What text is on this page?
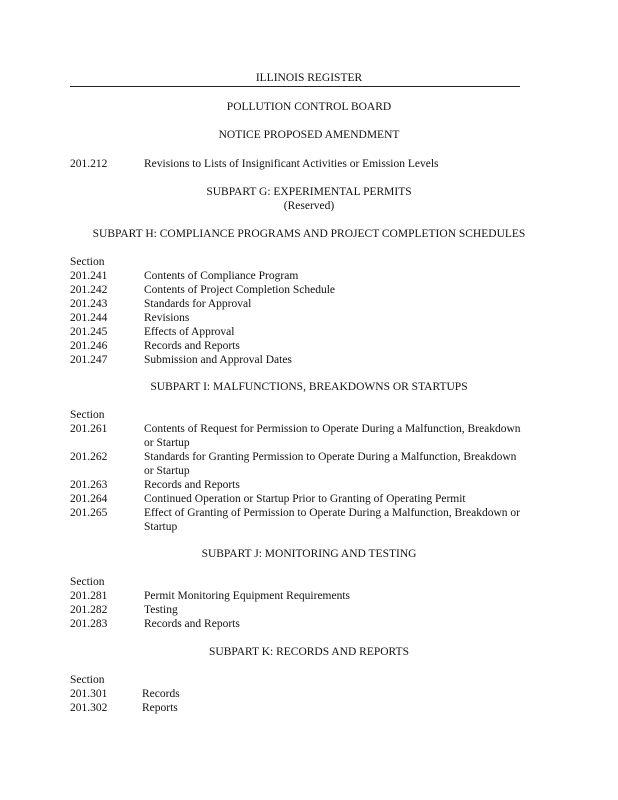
ILLINOIS REGISTER
POLLUTION CONTROL BOARD
NOTICE PROPOSED AMENDMENT
201.212	Revisions to Lists of Insignificant Activities or Emission Levels
SUBPART G: EXPERIMENTAL PERMITS
(Reserved)
SUBPART H: COMPLIANCE PROGRAMS AND PROJECT COMPLETION SCHEDULES
Section
201.241	Contents of Compliance Program
201.242	Contents of Project Completion Schedule
201.243	Standards for Approval
201.244	Revisions
201.245	Effects of Approval
201.246	Records and Reports
201.247	Submission and Approval Dates
SUBPART I: MALFUNCTIONS, BREAKDOWNS OR STARTUPS
Section
201.261	Contents of Request for Permission to Operate During a Malfunction, Breakdown
or Startup
201.262	Standards for Granting Permission to Operate During a Malfunction, Breakdown
or Startup
201.263	Records and Reports
201.264	Continued Operation or Startup Prior to Granting of Operating Permit
201.265	Effect of Granting of Permission to Operate During a Malfunction, Breakdown or
Startup
SUBPART J: MONITORING AND TESTING
Section
201.281	Permit Monitoring Equipment Requirements
201.282	Testing
201.283	Records and Reports
SUBPART K: RECORDS AND REPORTS
Section
201.301	Records
201.302	Reports
